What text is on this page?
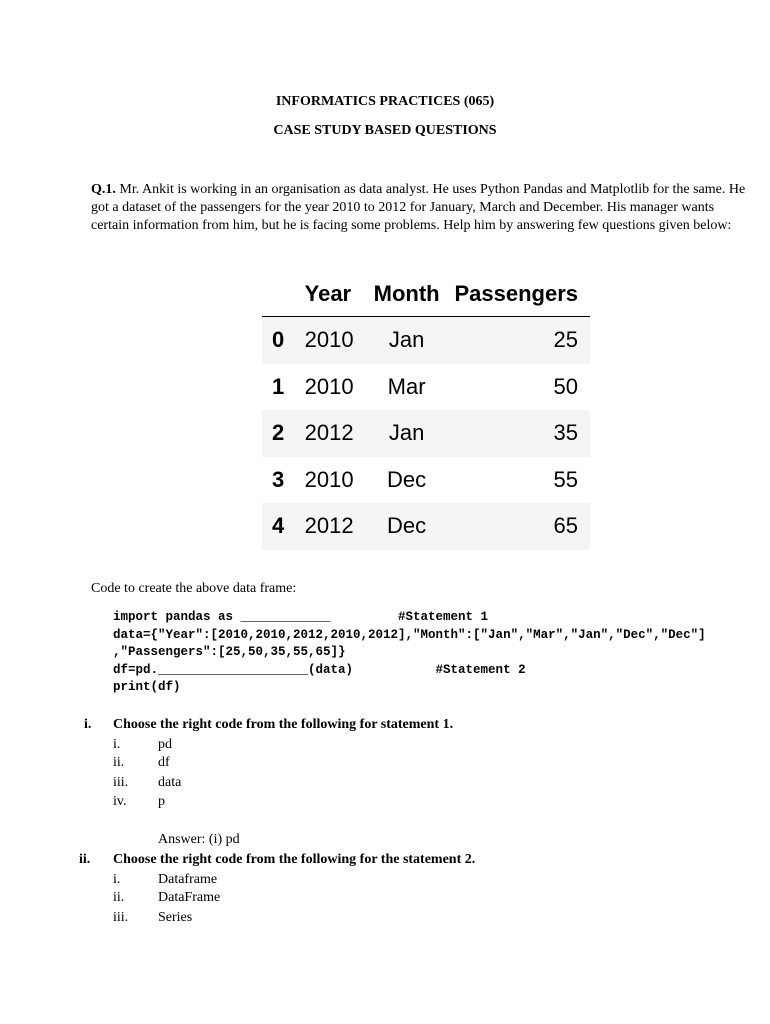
INFORMATICS PRACTICES (065)
CASE STUDY BASED QUESTIONS
Q.1. Mr. Ankit is working in an organisation as data analyst. He uses Python Pandas and Matplotlib for the same. He got a dataset of the passengers for the year 2010 to 2012 for January, March and December. His manager wants certain information from him, but he is facing some problems. Help him by answering few questions given below:
	Year	Month	Passengers
0	2010	Jan	25
1	2010	Mar	50
2	2012	Jan	35
3	2010	Dec	55
4	2012	Dec	65
Code to create the above data frame:
import pandas as ____________         #Statement 1
data={"Year":[2010,2010,2012,2010,2012],"Month":["Jan","Mar","Jan","Dec","Dec"]
,"Passengers":[25,50,35,55,65]}
df=pd.____________________(data)           #Statement 2
print(df)
i. Choose the right code from the following for statement 1.
i.	pd
ii. df
iii. data
iv. p
Answer: (i) pd
ii. Choose the right code from the following for the statement 2.
i.	Dataframe
ii. DataFrame
iii. Series
